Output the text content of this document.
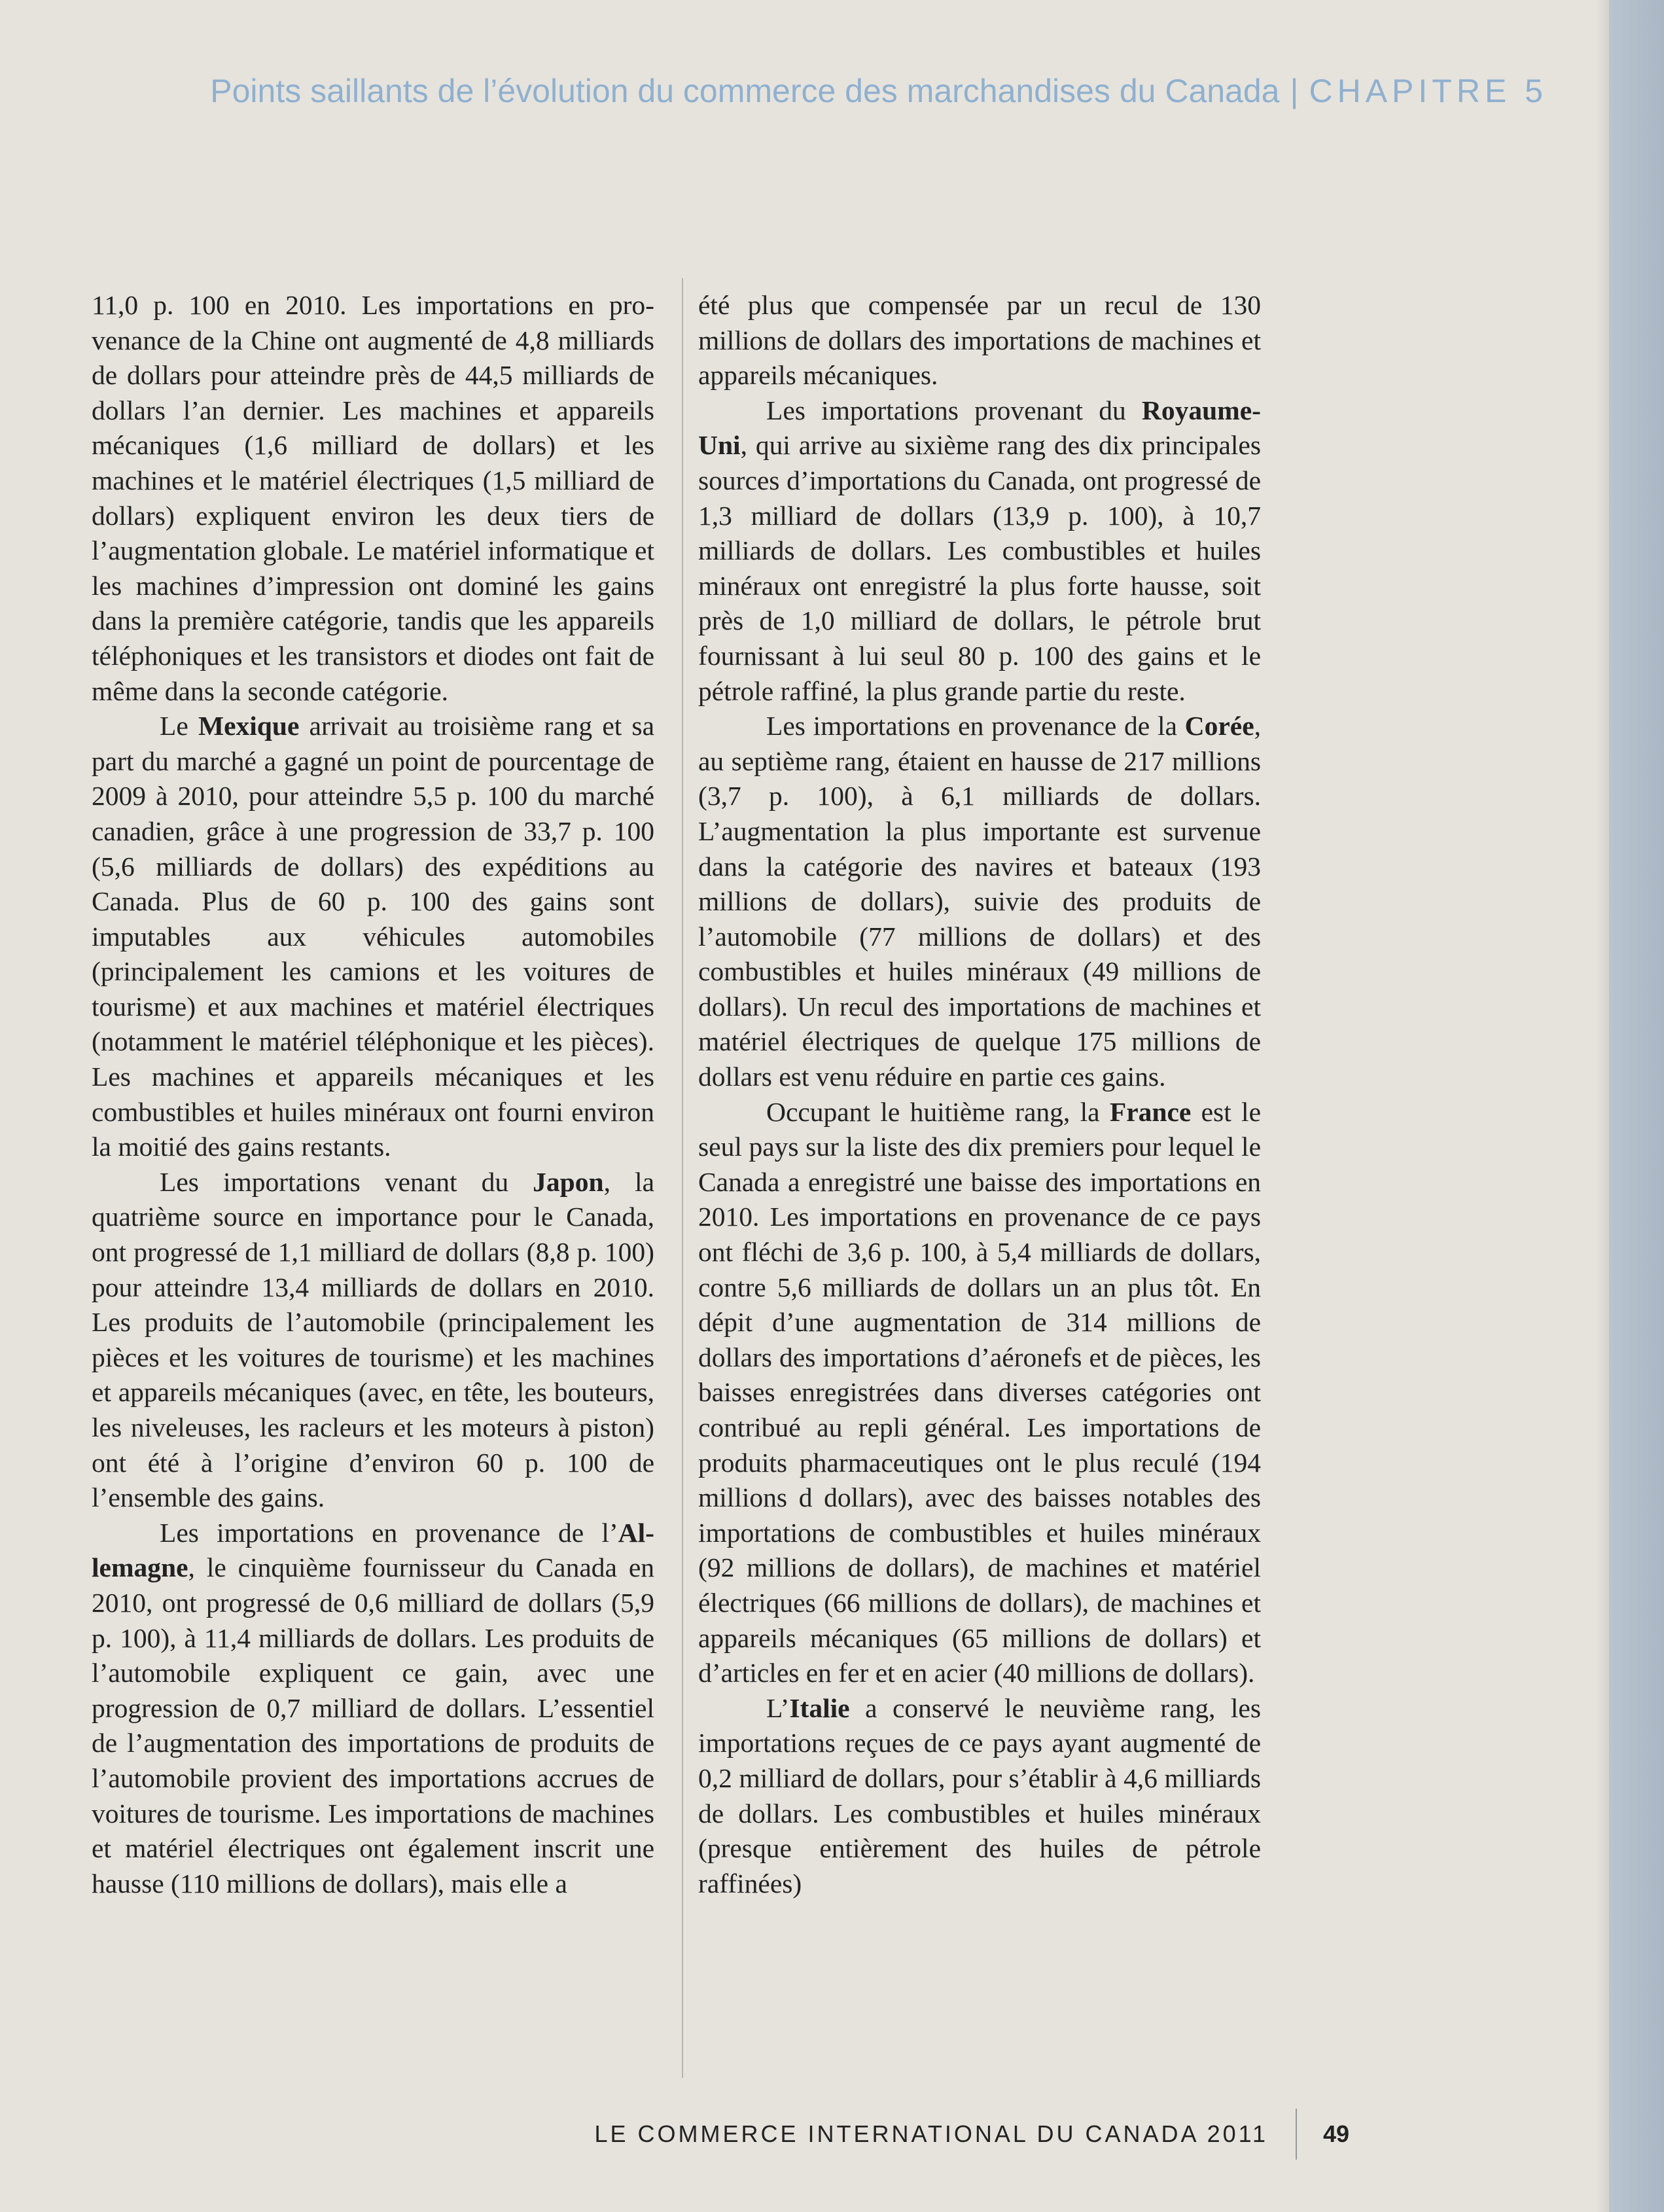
Points saillants de l’évolution du commerce des marchandises du Canada | CHAPITRE 5

11,0 p. 100 en 2010. Les importations en provenance de la Chine ont augmenté de 4,8 milliards de dollars pour atteindre près de 44,5 milliards de dollars l’an dernier. Les machines et appareils mécaniques (1,6 milliard de dollars) et les machines et le matériel électriques (1,5 milliard de dollars) expliquent environ les deux tiers de l’augmentation globale. Le matériel informatique et les machines d’impression ont dominé les gains dans la première catégorie, tandis que les appareils téléphoniques et les transistors et diodes ont fait de même dans la seconde catégorie.

Le Mexique arrivait au troisième rang et sa part du marché a gagné un point de pourcentage de 2009 à 2010, pour atteindre 5,5 p. 100 du marché canadien, grâce à une progression de 33,7 p. 100 (5,6 milliards de dollars) des expéditions au Canada. Plus de 60 p. 100 des gains sont imputables aux véhicules automobiles (principalement les camions et les voitures de tourisme) et aux machines et matériel électriques (notamment le matériel téléphonique et les pièces). Les machines et appareils mécaniques et les combustibles et huiles minéraux ont fourni environ la moitié des gains restants.

Les importations venant du Japon, la quatrième source en importance pour le Canada, ont progressé de 1,1 milliard de dollars (8,8 p. 100) pour atteindre 13,4 milliards de dollars en 2010. Les produits de l’automobile (principalement les pièces et les voitures de tourisme) et les machines et appareils mécaniques (avec, en tête, les bouteurs, les niveleuses, les racleurs et les moteurs à piston) ont été à l’origine d’environ 60 p. 100 de l’ensemble des gains.

Les importations en provenance de l’Allemagne, le cinquième fournisseur du Canada en 2010, ont progressé de 0,6 milliard de dollars (5,9 p. 100), à 11,4 milliards de dollars. Les produits de l’automobile expliquent ce gain, avec une progression de 0,7 milliard de dollars. L’essentiel de l’augmentation des importations de produits de l’automobile provient des importations accrues de voitures de tourisme. Les importations de machines et matériel électriques ont également inscrit une hausse (110 millions de dollars), mais elle a

été plus que compensée par un recul de 130 millions de dollars des importations de machines et appareils mécaniques.

Les importations provenant du Royaume-Uni, qui arrive au sixième rang des dix principales sources d’importations du Canada, ont progressé de 1,3 milliard de dollars (13,9 p. 100), à 10,7 milliards de dollars. Les combustibles et huiles minéraux ont enregistré la plus forte hausse, soit près de 1,0 milliard de dollars, le pétrole brut fournissant à lui seul 80 p. 100 des gains et le pétrole raffiné, la plus grande partie du reste.

Les importations en provenance de la Corée, au septième rang, étaient en hausse de 217 millions (3,7 p. 100), à 6,1 milliards de dollars. L’augmentation la plus importante est survenue dans la catégorie des navires et bateaux (193 millions de dollars), suivie des produits de l’automobile (77 millions de dollars) et des combustibles et huiles minéraux (49 millions de dollars). Un recul des importations de machines et matériel électriques de quelque 175 millions de dollars est venu réduire en partie ces gains.

Occupant le huitième rang, la France est le seul pays sur la liste des dix premiers pour lequel le Canada a enregistré une baisse des importations en 2010. Les importations en provenance de ce pays ont fléchi de 3,6 p. 100, à 5,4 milliards de dollars, contre 5,6 milliards de dollars un an plus tôt. En dépit d’une augmentation de 314 millions de dollars des importations d’aéronefs et de pièces, les baisses enregistrées dans diverses catégories ont contribué au repli général. Les importations de produits pharmaceutiques ont le plus reculé (194 millions d dollars), avec des baisses notables des importations de combustibles et huiles minéraux (92 millions de dollars), de machines et matériel électriques (66 millions de dollars), de machines et appareils mécaniques (65 millions de dollars) et d’articles en fer et en acier (40 millions de dollars).

L’Italie a conservé le neuvième rang, les importations reçues de ce pays ayant augmenté de 0,2 milliard de dollars, pour s’établir à 4,6 milliards de dollars. Les combustibles et huiles minéraux (presque entièrement des huiles de pétrole raffinées)

LE COMMERCE INTERNATIONAL DU CANADA 2011 49
